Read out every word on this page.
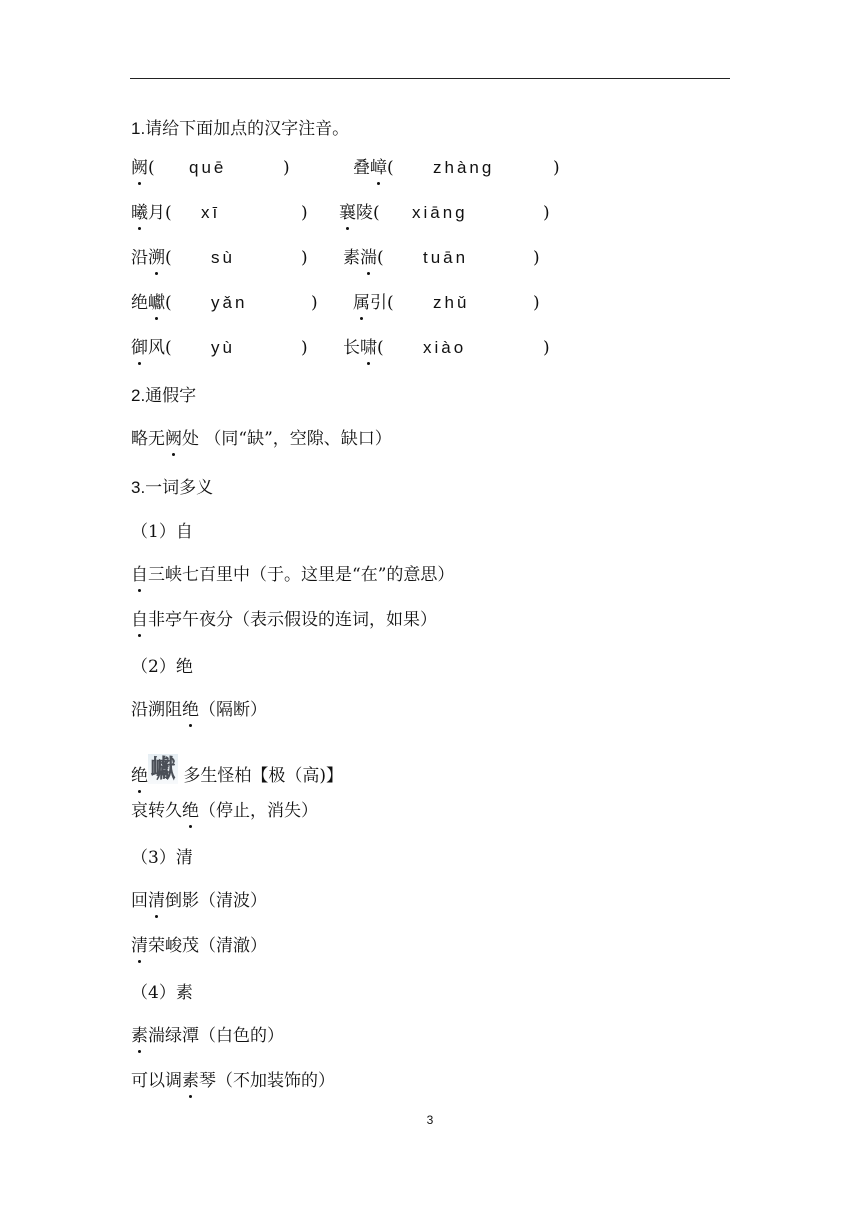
1.请给下面加点的汉字注音。
阙( quē	)	叠嶂( zhàng	)
曦月( xī	) 襄陵( xiāng	)
沿溯( sù	) 素湍( tuān	)
绝巘( yǎn	) 属引( zhǔ	)
御风( yù	) 长啸( xiào	)
2.通假字
略无阙处 （同“缺”，空隙、缺口）
3.一词多义
（1）自
自三峡七百里中（于。这里是“在”的意思）
自非亭午夜分（表示假设的连词，如果）
（2）绝
沿溯阻绝（隔断）
绝巘 多生怪柏【极（高)】
哀转久绝（停止，消失）
（3）清
回清倒影（清波）
清荣峻茂（清澈）
（4）素
素湍绿潭（白色的）
可以调素琴（不加装饰的）
3
